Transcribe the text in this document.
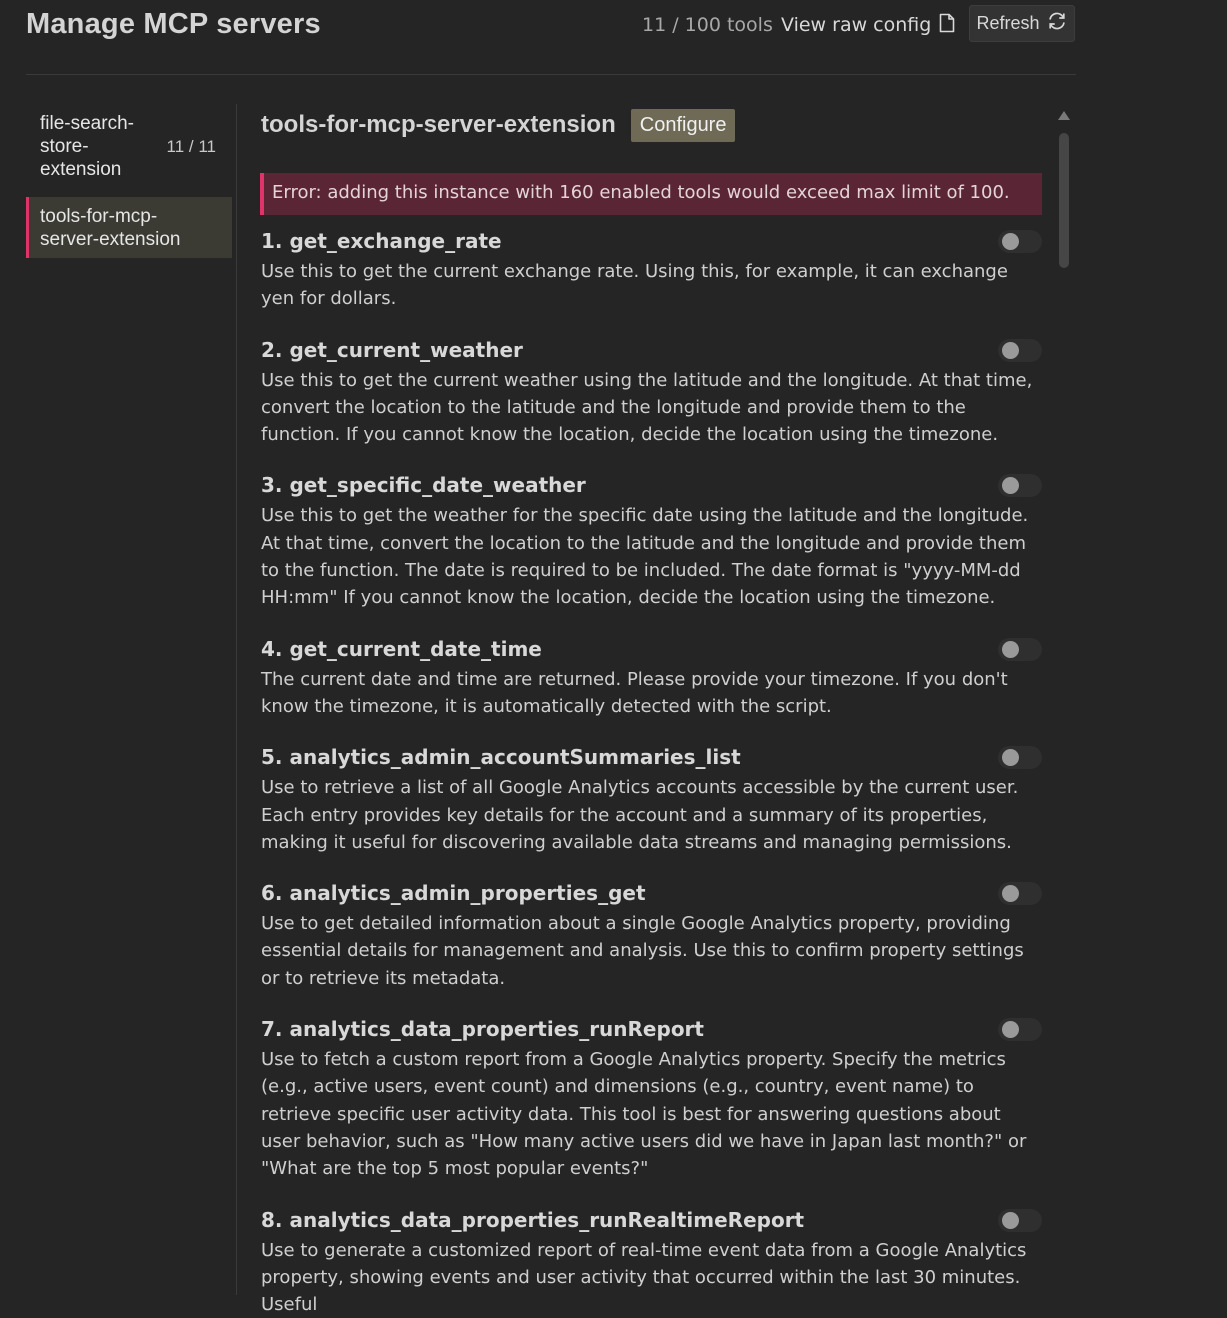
Manage MCP servers	11 / 100 tools View raw config	Refresh
file-search-store-extension
11 / 11
tools-for-mcp-server-extension
tools-for-mcp-server-extension	Configure
Error: adding this instance with 160 enabled tools would exceed max limit of 100.
1. get_exchange_rate
Use this to get the current exchange rate. Using this, for example, it can exchange yen for dollars.
2. get_current_weather
Use this to get the current weather using the latitude and the longitude. At that time, convert the location to the latitude and the longitude and provide them to the function. If you cannot know the location, decide the location using the timezone.
3. get_specific_date_weather
Use this to get the weather for the specific date using the latitude and the longitude. At that time, convert the location to the latitude and the longitude and provide them to the function. The date is required to be included. The date format is "yyyy-MM-dd HH:mm" If you cannot know the location, decide the location using the timezone.
4. get_current_date_time
The current date and time are returned. Please provide your timezone. If you don't know the timezone, it is automatically detected with the script.
5. analytics_admin_accountSummaries_list
Use to retrieve a list of all Google Analytics accounts accessible by the current user. Each entry provides key details for the account and a summary of its properties, making it useful for discovering available data streams and managing permissions.
6. analytics_admin_properties_get
Use to get detailed information about a single Google Analytics property, providing essential details for management and analysis. Use this to confirm property settings or to retrieve its metadata.
7. analytics_data_properties_runReport
Use to fetch a custom report from a Google Analytics property. Specify the metrics (e.g., active users, event count) and dimensions (e.g., country, event name) to retrieve specific user activity data. This tool is best for answering questions about user behavior, such as "How many active users did we have in Japan last month?" or "What are the top 5 most popular events?"
8. analytics_data_properties_runRealtimeReport
Use to generate a customized report of real-time event data from a Google Analytics property, showing events and user activity that occurred within the last 30 minutes. Useful
